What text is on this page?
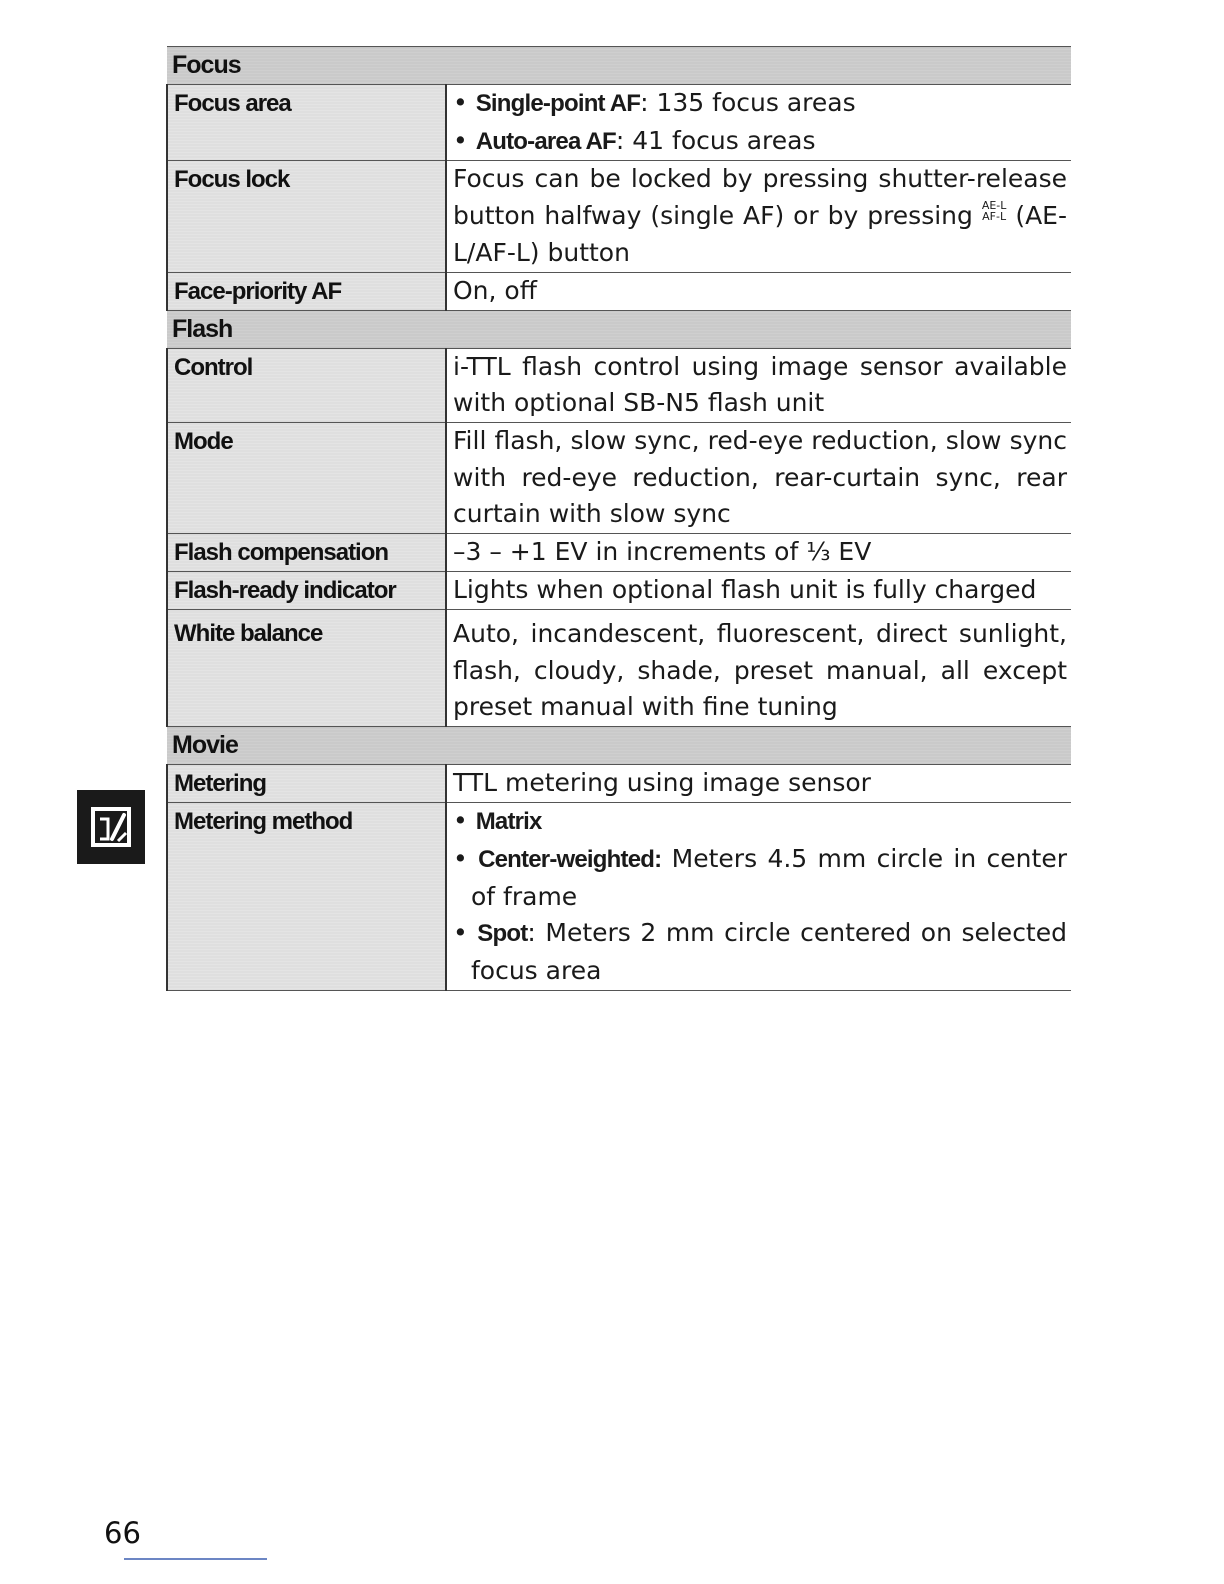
Focus	
Focus area	• Single-point AF: 135 focus areas
• Auto-area AF: 41 focus areas

Focus lock	Focus can be locked by pressing shutter-release button halfway (single AF) or by pressing AE-L
AF-L (AE-L/AF-L) button
Face-priority AF	On, off
Flash	
Control	i-TTL flash control using image sensor available with optional SB-N5 flash unit
Mode	Fill flash, slow sync, red-eye reduction, slow sync with red-eye reduction, rear-curtain sync, rear curtain with slow sync
Flash compensation	–3 – +1 EV in increments of ⅓ EV
Flash-ready indicator	Lights when optional flash unit is fully charged
White balance	Auto, incandescent, fluorescent, direct sunlight, flash, cloudy, shade, preset manual, all except preset manual with fine tuning
Movie	
Metering	TTL metering using image sensor
Metering method	• Matrix
• Center-weighted: Meters 4.5 mm circle in center of frame
• Spot: Meters 2 mm circle centered on selected focus area
66
